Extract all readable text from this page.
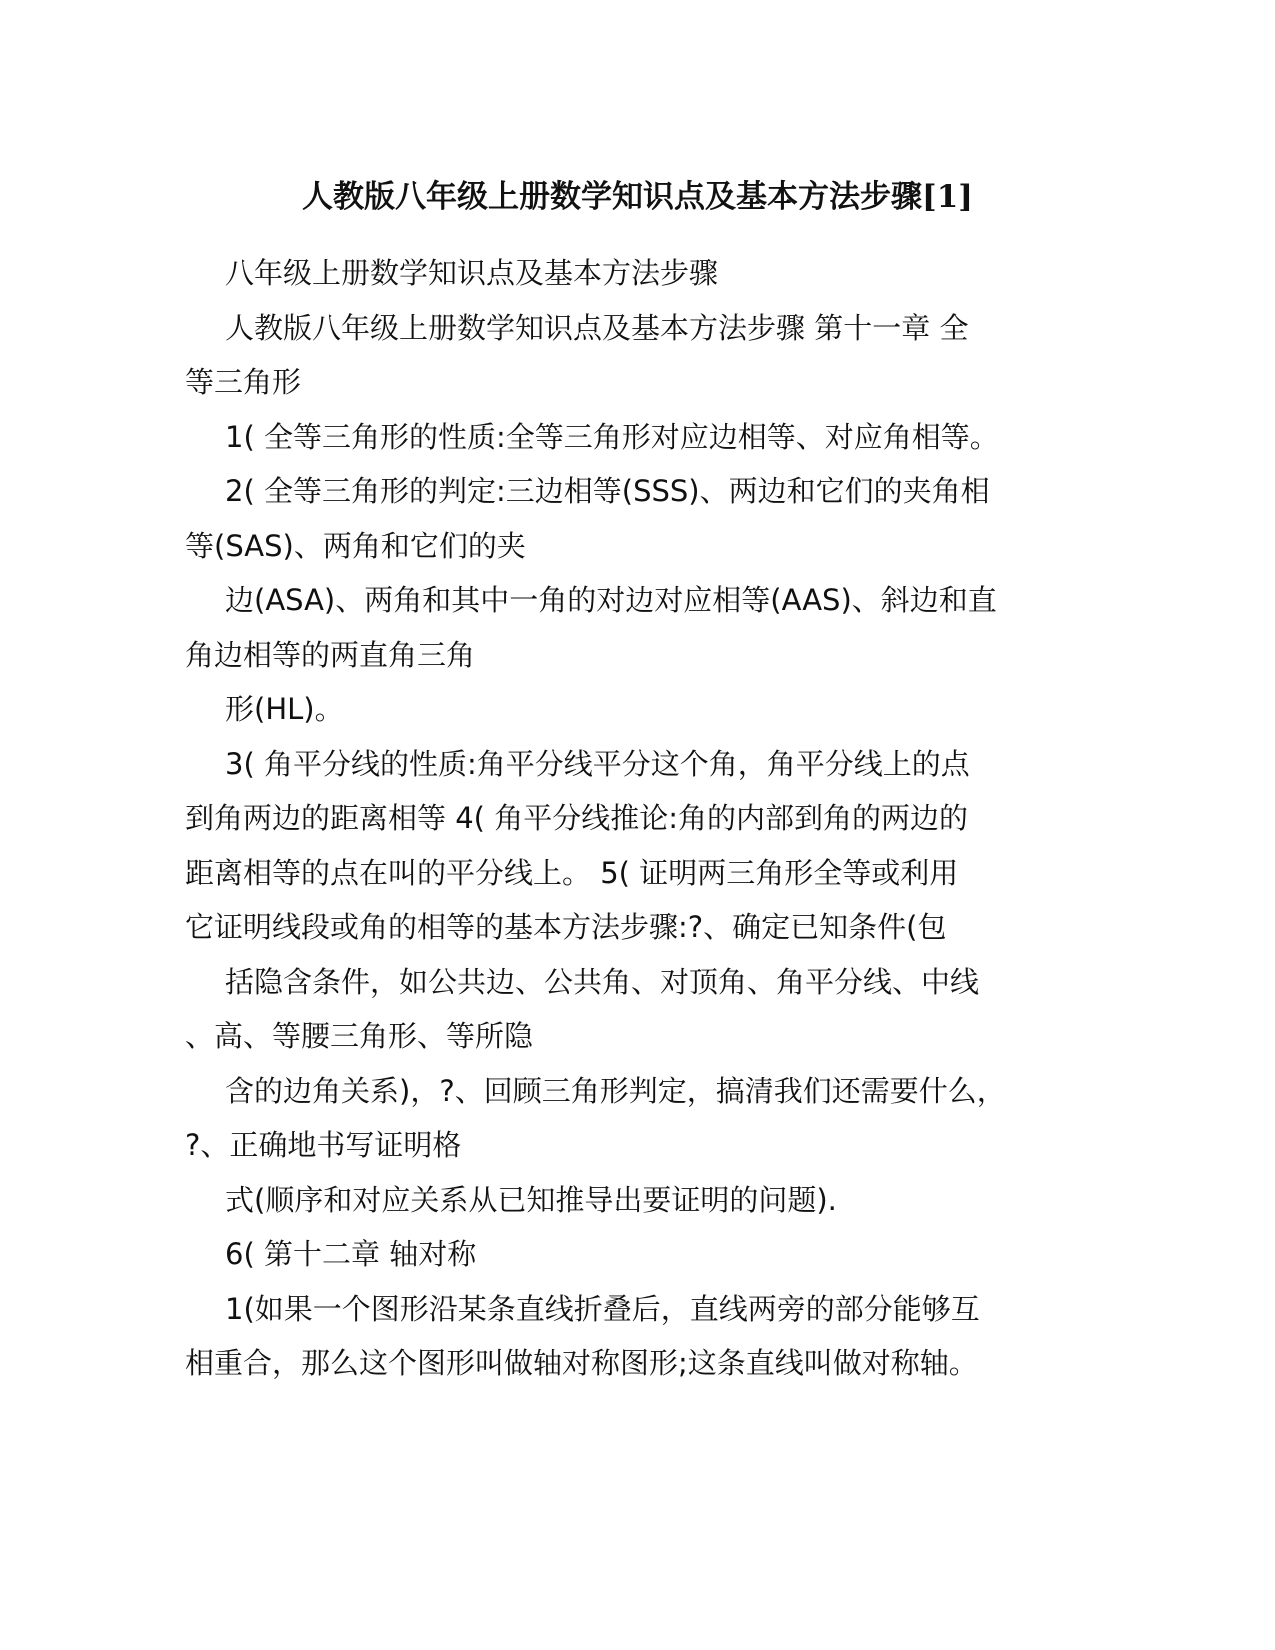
人教版八年级上册数学知识点及基本方法步骤[1]
八年级上册数学知识点及基本方法步骤
人教版八年级上册数学知识点及基本方法步骤 第十一章 全
等三角形
1( 全等三角形的性质:全等三角形对应边相等、对应角相等。
2( 全等三角形的判定:三边相等(SSS)、两边和它们的夹角相
等(SAS)、两角和它们的夹
边(ASA)、两角和其中一角的对边对应相等(AAS)、斜边和直
角边相等的两直角三角
形(HL)。
3( 角平分线的性质:角平分线平分这个角，角平分线上的点
到角两边的距离相等 4( 角平分线推论:角的内部到角的两边的
距离相等的点在叫的平分线上。 5( 证明两三角形全等或利用
它证明线段或角的相等的基本方法步骤:?、确定已知条件(包
括隐含条件，如公共边、公共角、对顶角、角平分线、中线
、高、等腰三角形、等所隐
含的边角关系)，?、回顾三角形判定，搞清我们还需要什么，
?、正确地书写证明格
式(顺序和对应关系从已知推导出要证明的问题).
6( 第十二章 轴对称
1(如果一个图形沿某条直线折叠后，直线两旁的部分能够互
相重合，那么这个图形叫做轴对称图形;这条直线叫做对称轴。
